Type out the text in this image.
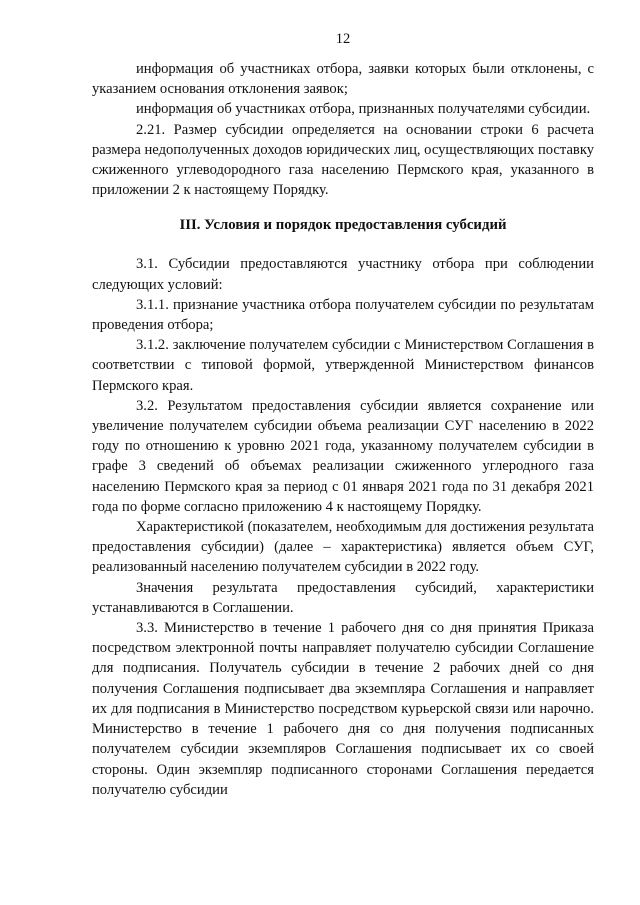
12

информация об участниках отбора, заявки которых были отклонены, с указанием основания отклонения заявок;

информация об участниках отбора, признанных получателями субсидии.

2.21. Размер субсидии определяется на основании строки 6 расчета размера недополученных доходов юридических лиц, осуществляющих поставку сжиженного углеводородного газа населению Пермского края, указанного в приложении 2 к настоящему Порядку.

III. Условия и порядок предоставления субсидий

3.1. Субсидии предоставляются участнику отбора при соблюдении следующих условий:

3.1.1. признание участника отбора получателем субсидии по результатам проведения отбора;

3.1.2. заключение получателем субсидии с Министерством Соглашения в соответствии с типовой формой, утвержденной Министерством финансов Пермского края.

3.2. Результатом предоставления субсидии является сохранение или увеличение получателем субсидии объема реализации СУГ населению в 2022 году по отношению к уровню 2021 года, указанному получателем субсидии в графе 3 сведений об объемах реализации сжиженного углеродного газа населению Пермского края за период с 01 января 2021 года по 31 декабря 2021 года по форме согласно приложению 4 к настоящему Порядку.

Характеристикой (показателем, необходимым для достижения результата предоставления субсидии) (далее – характеристика) является объем СУГ, реализованный населению получателем субсидии в 2022 году.

Значения результата предоставления субсидий, характеристики устанавливаются в Соглашении.

3.3. Министерство в течение 1 рабочего дня со дня принятия Приказа посредством электронной почты направляет получателю субсидии Соглашение для подписания. Получатель субсидии в течение 2 рабочих дней со дня получения Соглашения подписывает два экземпляра Соглашения и направляет их для подписания в Министерство посредством курьерской связи или нарочно. Министерство в течение 1 рабочего дня со дня получения подписанных получателем субсидии экземпляров Соглашения подписывает их со своей стороны. Один экземпляр подписанного сторонами Соглашения передается получателю субсидии
